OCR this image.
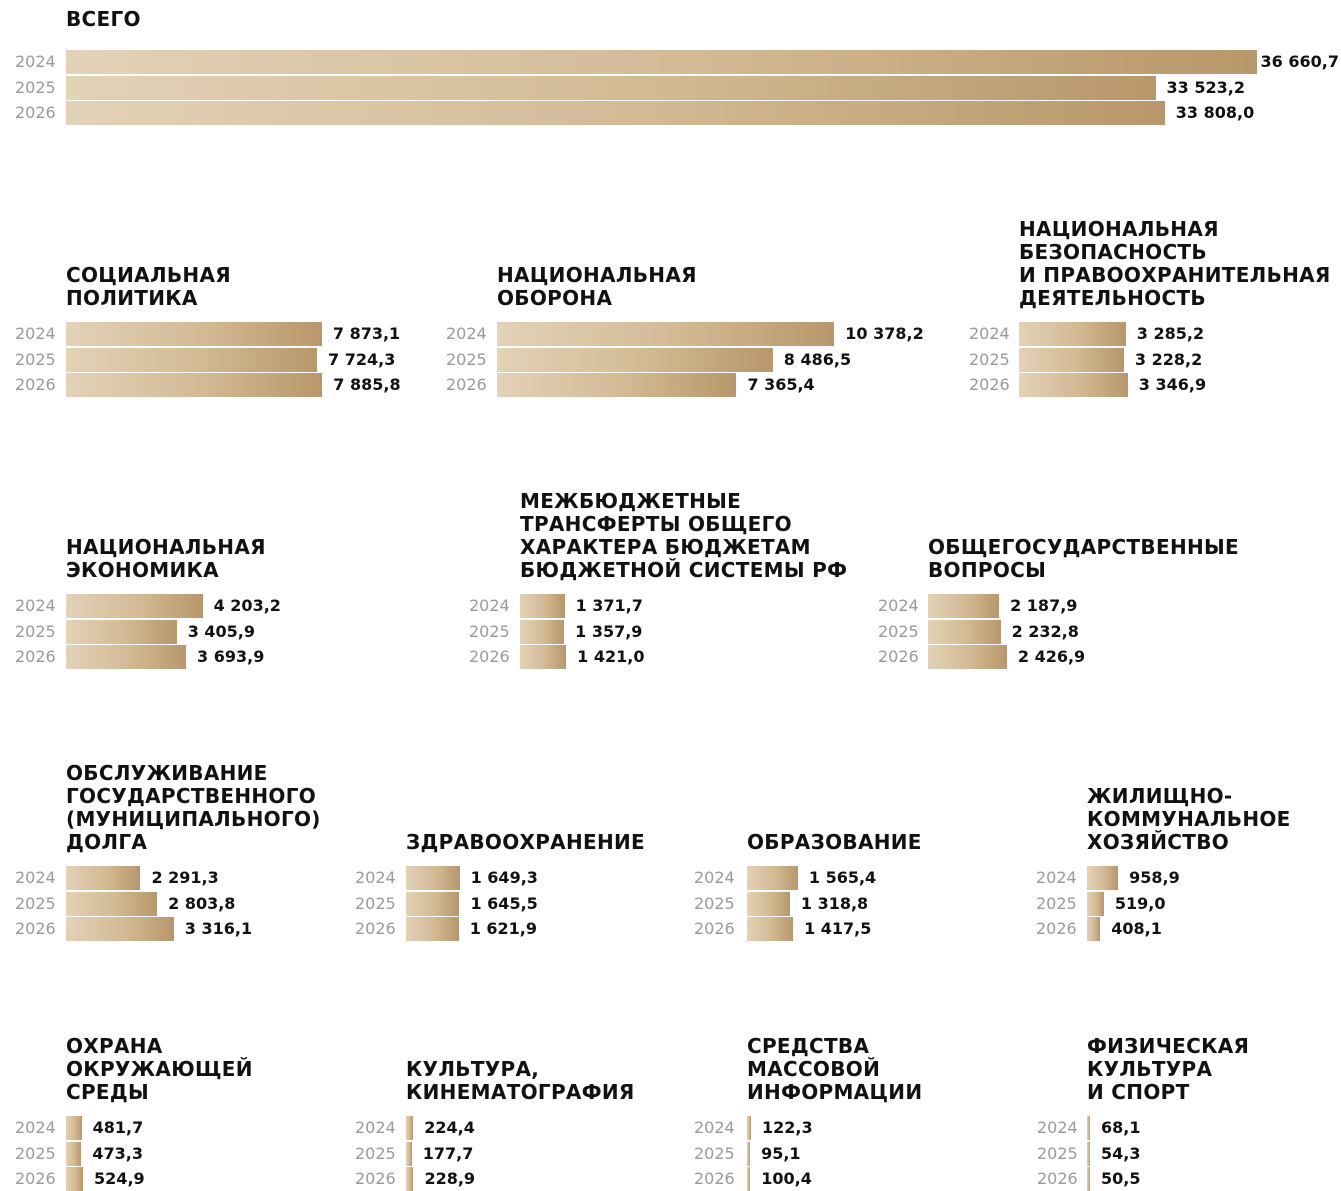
ВСЕГО
2024	36 660,7
2025	33 523,2
2026	33 808,0
СОЦИАЛЬНАЯ
ПОЛИТИКА
2024	7 873,1
2025	7 724,3
2026	7 885,8
НАЦИОНАЛЬНАЯ
ОБОРОНА
2024	10 378,2
2025	8 486,5
2026	7 365,4
НАЦИОНАЛЬНАЯ
БЕЗОПАСНОСТЬ
И ПРАВООХРАНИТЕЛЬНАЯ
ДЕЯТЕЛЬНОСТЬ
2024	3 285,2
2025	3 228,2
2026	3 346,9
НАЦИОНАЛЬНАЯ
ЭКОНОМИКА
2024	4 203,2
2025	3 405,9
2026	3 693,9
МЕЖБЮДЖЕТНЫЕ
ТРАНСФЕРТЫ ОБЩЕГО
ХАРАКТЕРА БЮДЖЕТАМ
БЮДЖЕТНОЙ СИСТЕМЫ РФ
2024	1 371,7
2025	1 357,9
2026	1 421,0
ОБЩЕГОСУДАРСТВЕННЫЕ
ВОПРОСЫ
2024	2 187,9
2025	2 232,8
2026	2 426,9
ОБСЛУЖИВАНИЕ
ГОСУДАРСТВЕННОГО
(МУНИЦИПАЛЬНОГО)
ДОЛГА
2024	2 291,3
2025	2 803,8
2026	3 316,1
ЗДРАВООХРАНЕНИЕ
2024	1 649,3
2025	1 645,5
2026	1 621,9
ОБРАЗОВАНИЕ
2024	1 565,4
2025	1 318,8
2026	1 417,5
ЖИЛИЩНО-
КОММУНАЛЬНОЕ
ХОЗЯЙСТВО
2024	958,9
2025 519,0
2026 408,1
ОХРАНА
ОКРУЖАЮЩЕЙ
СРЕДЫ
2024 481,7
2025 473,3
2026 524,9
КУЛЬТУРА,
КИНЕМАТОГРАФИЯ
2024 224,4
2025 177,7
2026 228,9
СРЕДСТВА
МАССОВОЙ
ИНФОРМАЦИИ
2024 122,3
2025 95,1
2026 100,4
ФИЗИЧЕСКАЯ
КУЛЬТУРА
И СПОРТ
2024 68,1
2025 54,3
2026 50,5
